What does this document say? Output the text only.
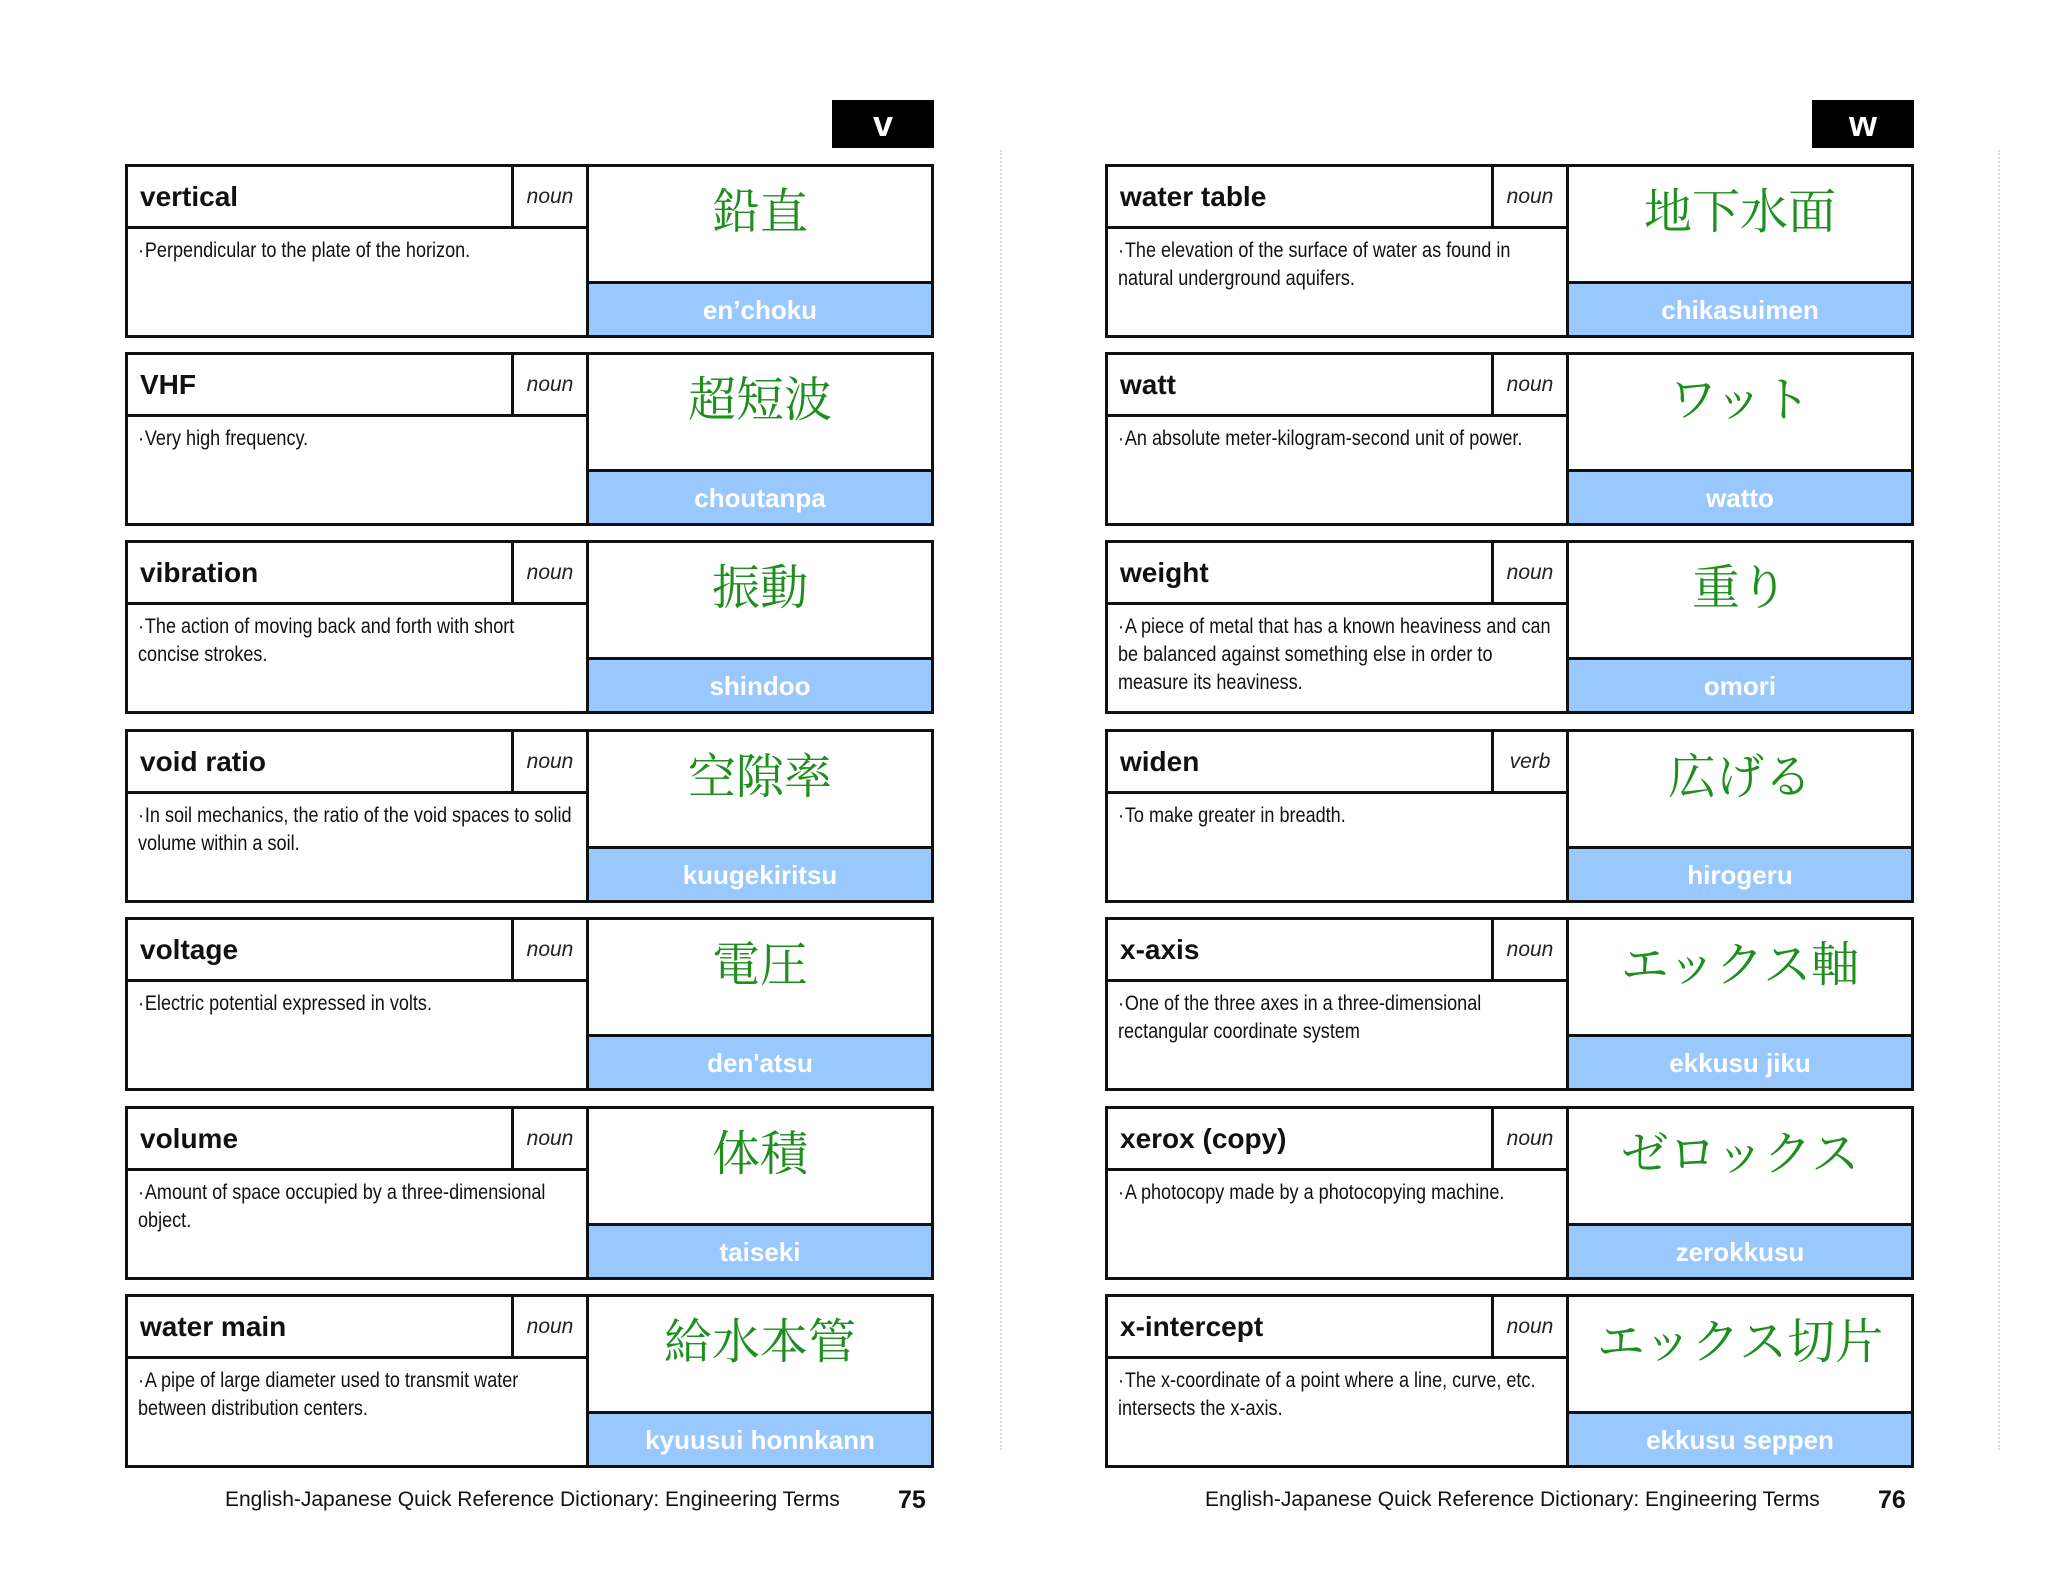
v
vertical	noun
·Perpendicular to the plate of the horizon.
鉛直
en’choku
VHF	noun
·Very high frequency.
超短波
choutanpa
vibration	noun
·The action of moving back and forth with short concise strokes.
振動
shindoo
void ratio	noun
·In soil mechanics, the ratio of the void spaces to solid volume within a soil.
空隙率
kuugekiritsu
voltage	noun
·Electric potential expressed in volts.
電圧
den'atsu
volume	noun
·Amount of space occupied by a three-dimensional object.
体積
taiseki
water main	noun
·A pipe of large diameter used to transmit water between distribution centers.
給水本管
kyuusui honnkann
English-Japanese Quick Reference Dictionary: Engineering Terms 75
w
water table	noun
·The elevation of the surface of water as found in natural underground aquifers.
地下水面
chikasuimen
watt	noun
·An absolute meter-kilogram-second unit of power.
ワット
watto
weight	noun
·A piece of metal that has a known heaviness and can be balanced against something else in order to measure its heaviness.
重り
omori
widen	verb
·To make greater in breadth.
広げる
hirogeru
x-axis	noun
·One of the three axes in a three-dimensional rectangular coordinate system
エックス軸
ekkusu jiku
xerox (copy)	noun
·A photocopy made by a photocopying machine.
ゼロックス
zerokkusu
x-intercept	noun
·The x-coordinate of a point where a line, curve, etc. intersects the x-axis.
エックス切片
ekkusu seppen
English-Japanese Quick Reference Dictionary: Engineering Terms 76
